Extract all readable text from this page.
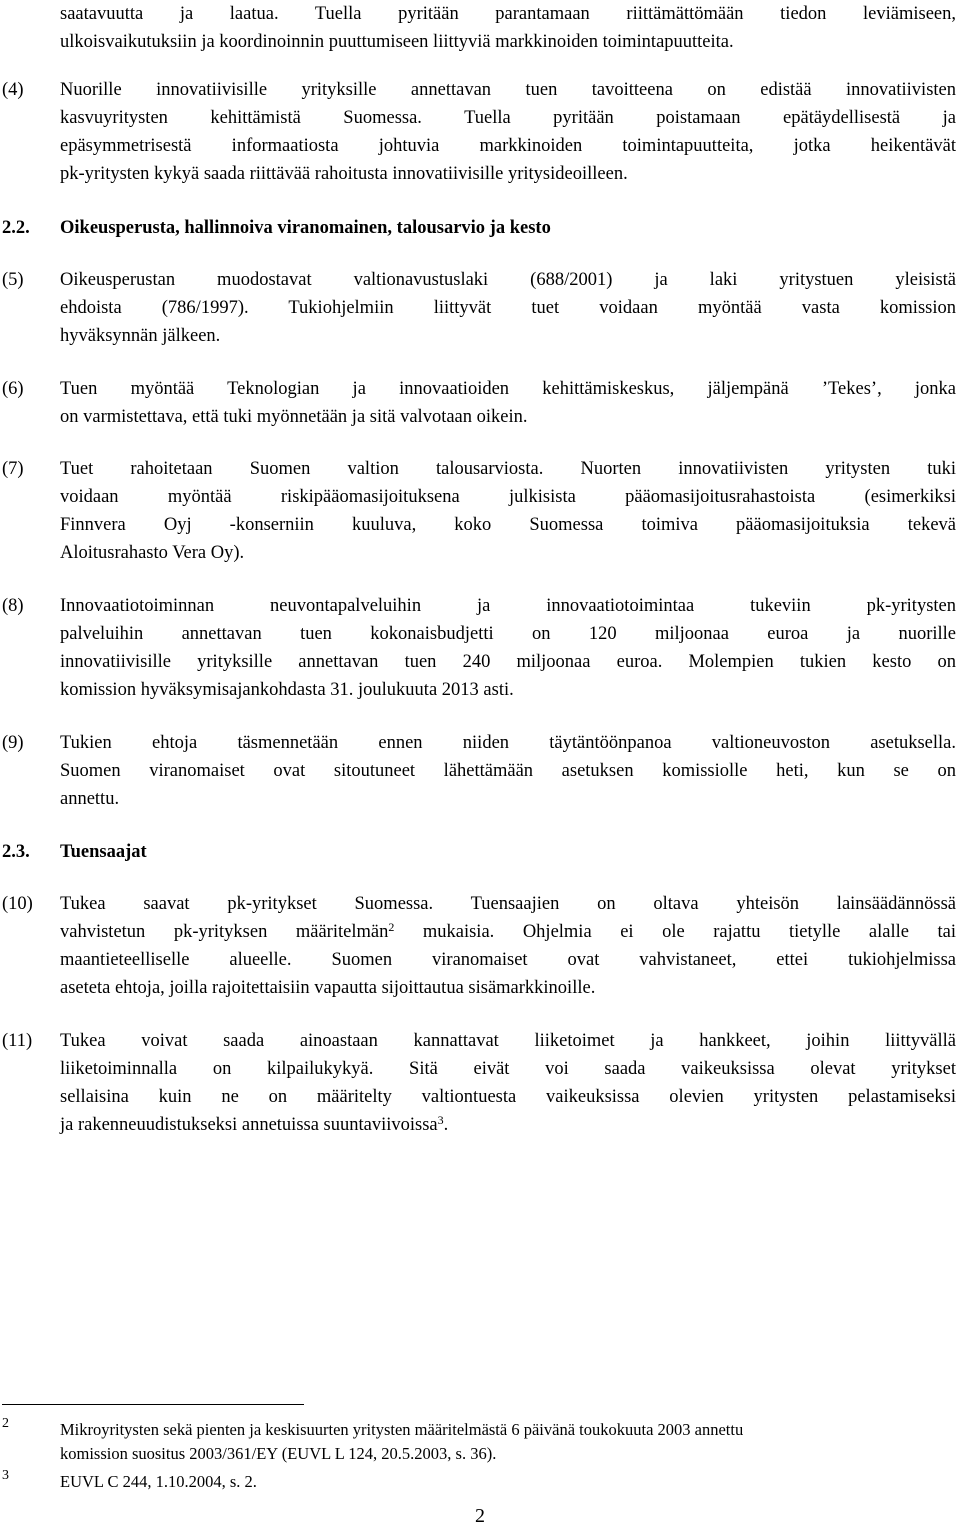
saatavuutta ja laatua. Tuella pyritään parantamaan riittämättömään tiedon leviämiseen,
ulkoisvaikutuksiin ja koordinoinnin puuttumiseen liittyviä markkinoiden toimintapuutteita.
(4) Nuorille innovatiivisille yrityksille annettavan tuen tavoitteena on edistää innovatiivisten
kasvuyritysten kehittämistä Suomessa. Tuella pyritään poistamaan epätäydellisestä ja
epäsymmetrisestä informaatiosta johtuvia markkinoiden toimintapuutteita, jotka heikentävät
pk-yritysten kykyä saada riittävää rahoitusta innovatiivisille yritysideoilleen.
2.2. Oikeusperusta, hallinnoiva viranomainen, talousarvio ja kesto
(5) Oikeusperustan muodostavat valtionavustuslaki (688/2001) ja laki yritystuen yleisistä
ehdoista (786/1997). Tukiohjelmiin liittyvät tuet voidaan myöntää vasta komission
hyväksynnän jälkeen.
(6) Tuen myöntää Teknologian ja innovaatioiden kehittämiskeskus, jäljempänä ’Tekes’, jonka
on varmistettava, että tuki myönnetään ja sitä valvotaan oikein.
(7) Tuet rahoitetaan Suomen valtion talousarviosta. Nuorten innovatiivisten yritysten tuki
voidaan myöntää riskipääomasijoituksena julkisista pääomasijoitusrahastoista (esimerkiksi
Finnvera Oyj -konserniin kuuluva, koko Suomessa toimiva pääomasijoituksia tekevä
Aloitusrahasto Vera Oy).
(8) Innovaatiotoiminnan neuvontapalveluihin ja innovaatiotoimintaa tukeviin pk-yritysten
palveluihin annettavan tuen kokonaisbudjetti on 120 miljoonaa euroa ja nuorille
innovatiivisille yrityksille annettavan tuen 240 miljoonaa euroa. Molempien tukien kesto on
komission hyväksymisajankohdasta 31. joulukuuta 2013 asti.
(9) Tukien ehtoja täsmennetään ennen niiden täytäntöönpanoa valtioneuvoston asetuksella.
Suomen viranomaiset ovat sitoutuneet lähettämään asetuksen komissiolle heti, kun se on
annettu.
2.3. Tuensaajat
(10) Tukea saavat pk-yritykset Suomessa. Tuensaajien on oltava yhteisön lainsäädännössä
vahvistetun pk-yrityksen määritelmän$^2$ mukaisia. Ohjelmia ei ole rajattu tietylle alalle tai
maantieteelliselle alueelle. Suomen viranomaiset ovat vahvistaneet, ettei tukiohjelmissa
aseteta ehtoja, joilla rajoitettaisiin vapautta sijoittautua sisämarkkinoille.
(11) Tukea voivat saada ainoastaan kannattavat liiketoimet ja hankkeet, joihin liittyvällä
liiketoiminnalla on kilpailukykyä. Sitä eivät voi saada vaikeuksissa olevat yritykset
sellaisina kuin ne on määritelty valtiontuesta vaikeuksissa olevien yritysten pelastamiseksi
ja rakenneuudistukseksi annetuissa suuntaviivoissa$^3$.
2	Mikroyritysten sekä pienten ja keskisuurten yritysten määritelmästä 6 päivänä toukokuuta 2003 annettu
komission suositus 2003/361/EY (EUVL L 124, 20.5.2003, s. 36).
3	EUVL C 244, 1.10.2004, s. 2.
2
